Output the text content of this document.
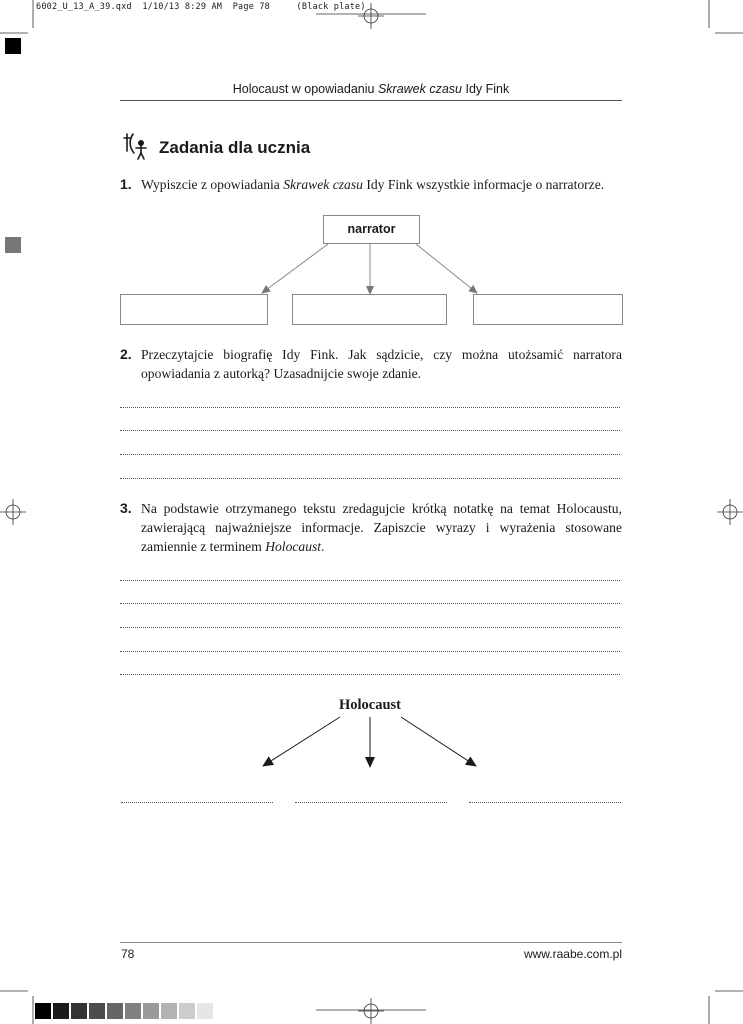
6002_U_13_A_39.qxd  1/10/13 8:29 AM  Page 78     (Black plate)
Holocaust w opowiadaniu Skrawek czasu Idy Fink
Zadania dla ucznia
1. Wypiszcie z opowiadania Skrawek czasu Idy Fink wszystkie informacje o narratorze.
narrator
2. Przeczytajcie biografię Idy Fink. Jak sądzicie, czy można utożsamić narratora opowiadania z autorką? Uzasadnijcie swoje zdanie.
3. Na podstawie otrzymanego tekstu zredagujcie krótką notatkę na temat Holocaustu, zawierającą najważniejsze informacje. Zapiszcie wyrazy i wyrażenia stosowane zamiennie z terminem Holocaust.
Holocaust
78	www.raabe.com.pl
